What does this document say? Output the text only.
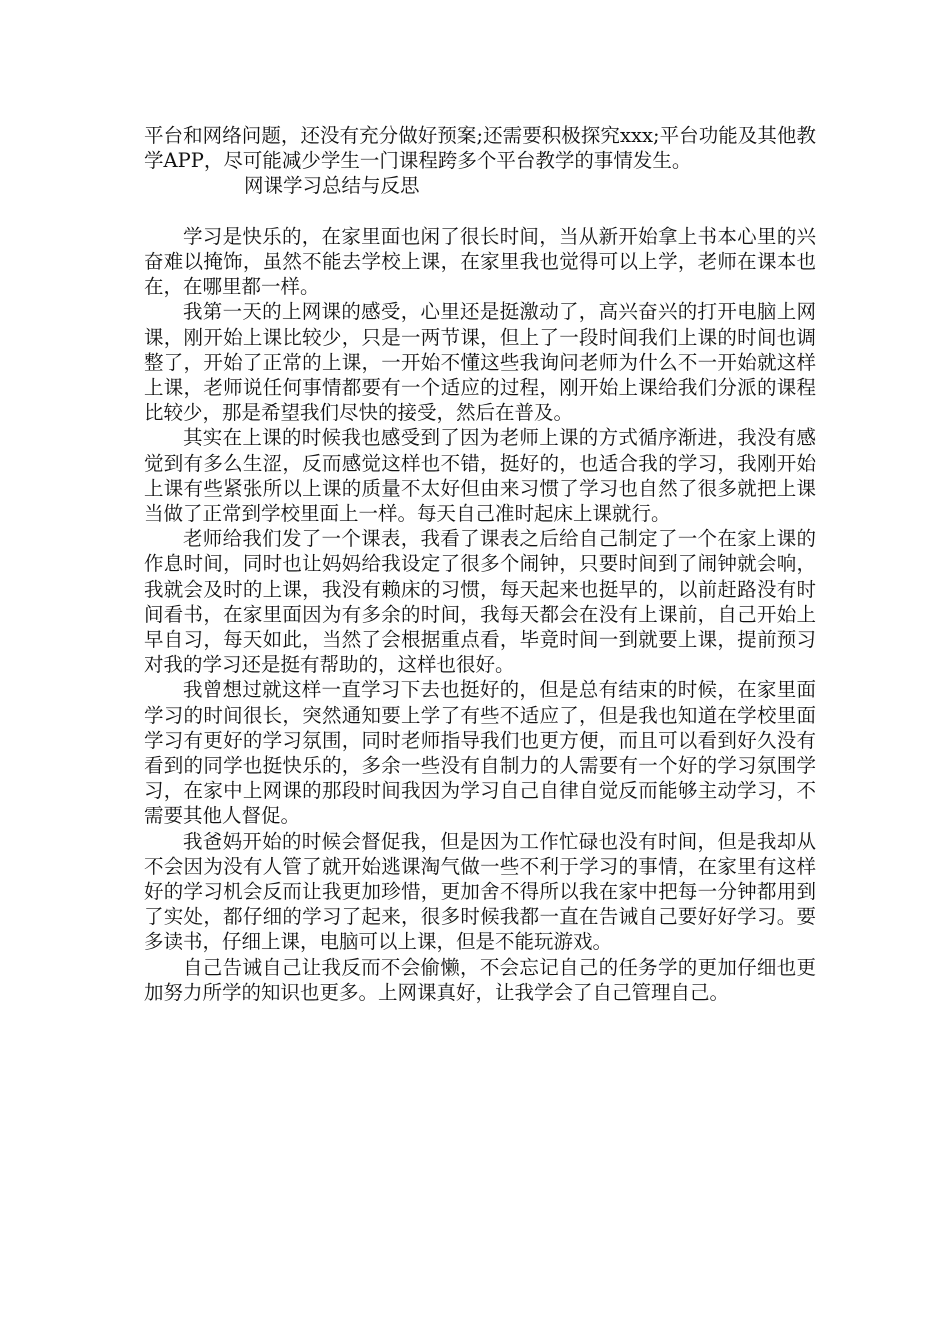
平台和网络问题，还没有充分做好预案;还需要积极探究xxx;平台功能及其他教学APP，尽可能减少学生一门课程跨多个平台教学的事情发生。

网课学习总结与反思

学习是快乐的，在家里面也闲了很长时间，当从新开始拿上书本心里的兴奋难以掩饰，虽然不能去学校上课，在家里我也觉得可以上学，老师在课本也在，在哪里都一样。

我第一天的上网课的感受，心里还是挺激动了，高兴奋兴的打开电脑上网课，刚开始上课比较少，只是一两节课，但上了一段时间我们上课的时间也调整了，开始了正常的上课，一开始不懂这些我询问老师为什么不一开始就这样上课，老师说任何事情都要有一个适应的过程，刚开始上课给我们分派的课程比较少，那是希望我们尽快的接受，然后在普及。

其实在上课的时候我也感受到了因为老师上课的方式循序渐进，我没有感觉到有多么生涩，反而感觉这样也不错，挺好的，也适合我的学习，我刚开始上课有些紧张所以上课的质量不太好但由来习惯了学习也自然了很多就把上课当做了正常到学校里面上一样。每天自己准时起床上课就行。

老师给我们发了一个课表，我看了课表之后给自己制定了一个在家上课的作息时间，同时也让妈妈给我设定了很多个闹钟，只要时间到了闹钟就会响，我就会及时的上课，我没有赖床的习惯，每天起来也挺早的，以前赶路没有时间看书，在家里面因为有多余的时间，我每天都会在没有上课前，自己开始上早自习，每天如此，当然了会根据重点看，毕竟时间一到就要上课，提前预习对我的学习还是挺有帮助的，这样也很好。

我曾想过就这样一直学习下去也挺好的，但是总有结束的时候，在家里面学习的时间很长，突然通知要上学了有些不适应了，但是我也知道在学校里面学习有更好的学习氛围，同时老师指导我们也更方便，而且可以看到好久没有看到的同学也挺快乐的，多余一些没有自制力的人需要有一个好的学习氛围学习，在家中上网课的那段时间我因为学习自己自律自觉反而能够主动学习，不需要其他人督促。

我爸妈开始的时候会督促我，但是因为工作忙碌也没有时间，但是我却从不会因为没有人管了就开始逃课淘气做一些不利于学习的事情，在家里有这样好的学习机会反而让我更加珍惜，更加舍不得所以我在家中把每一分钟都用到了实处，都仔细的学习了起来，很多时候我都一直在告诫自己要好好学习。要多读书，仔细上课，电脑可以上课，但是不能玩游戏。

自己告诫自己让我反而不会偷懒，不会忘记自己的任务学的更加仔细也更加努力所学的知识也更多。上网课真好，让我学会了自己管理自己。
